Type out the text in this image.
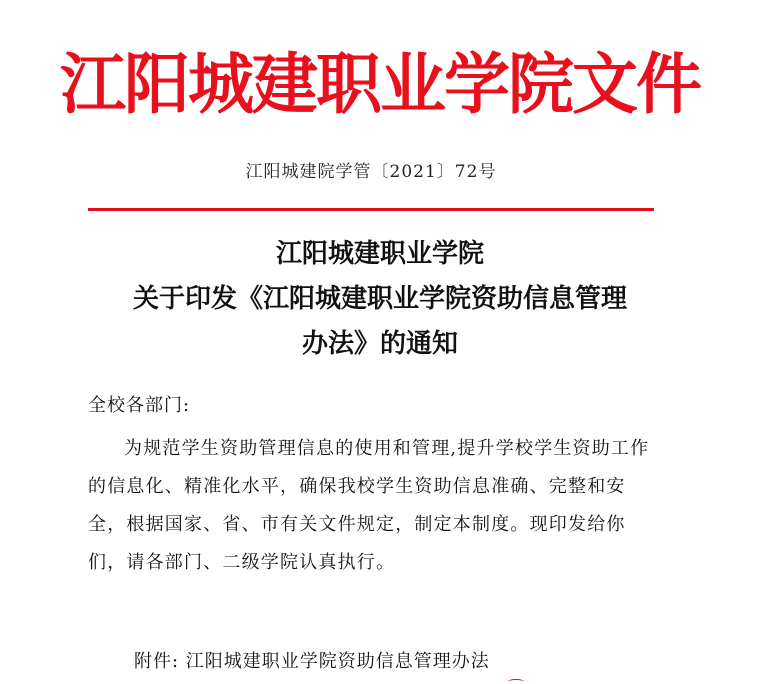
江阳城建职业学院文件
江阳城建院学管〔2021〕72号
江阳城建职业学院
关于印发《江阳城建职业学院资助信息管理
办法》的通知
全校各部门:
为规范学生资助管理信息的使用和管理,提升学校学生资助工作的信息化、精准化水平，确保我校学生资助信息准确、完整和安全，根据国家、省、市有关文件规定，制定本制度。现印发给你们，请各部门、二级学院认真执行。
附件: 江阳城建职业学院资助信息管理办法
